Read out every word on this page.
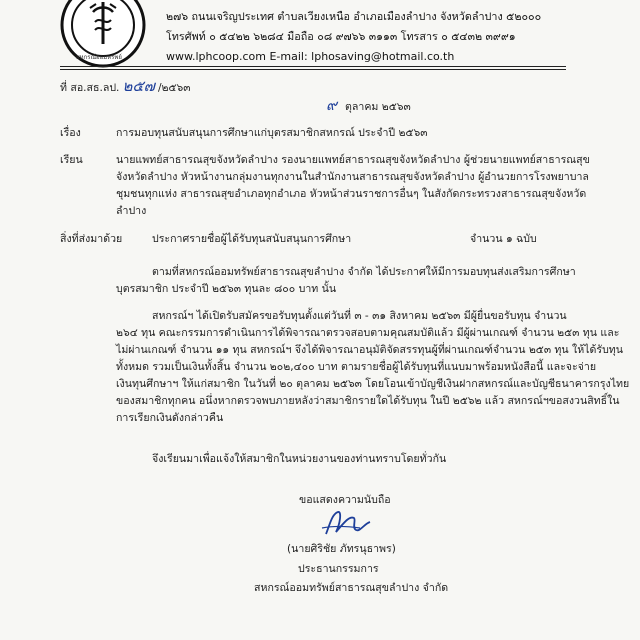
สหกรณ์ออมทรัพย์
๒๗๖ ถนนเจริญประเทศ ตำบลเวียงเหนือ อำเภอเมืองลำปาง จังหวัดลำปาง ๕๒๐๐๐
โทรศัพท์ ๐ ๕๔๒๒ ๖๒๘๔ มือถือ ๐๘ ๙๗๖๖ ๓๑๑๓ โทรสาร ๐ ๕๔๓๒ ๓๙๙๑
www.lphcoop.com E-mail: lphosaving@hotmail.co.th
ที่ สอ.สธ.ลป. ๒๕๗ /๒๕๖๓
๙ ตุลาคม ๒๕๖๓
เรื่อง	การมอบทุนสนับสนุนการศึกษาแก่บุตรสมาชิกสหกรณ์ ประจำปี ๒๕๖๓
เรียน	นายแพทย์สาธารณสุขจังหวัดลำปาง รองนายแพทย์สาธารณสุขจังหวัดลำปาง ผู้ช่วยนายแพทย์สาธารณสุข
จังหวัดลำปาง หัวหน้างานกลุ่มงานทุกงานในสำนักงานสาธารณสุขจังหวัดลำปาง ผู้อำนวยการโรงพยาบาล
ชุมชนทุกแห่ง สาธารณสุขอำเภอทุกอำเภอ หัวหน้าส่วนราชการอื่นๆ ในสังกัดกระทรวงสาธารณสุขจังหวัด
ลำปาง
สิ่งที่ส่งมาด้วย	ประกาศรายชื่อผู้ได้รับทุนสนับสนุนการศึกษา	จำนวน ๑ ฉบับ
ตามที่สหกรณ์ออมทรัพย์สาธารณสุขลำปาง จำกัด ได้ประกาศให้มีการมอบทุนส่งเสริมการศึกษา
บุตรสมาชิก ประจำปี ๒๕๖๓ ทุนละ ๘๐๐ บาท นั้น
สหกรณ์ฯ ได้เปิดรับสมัครขอรับทุนตั้งแต่วันที่ ๓ - ๓๑ สิงหาคม ๒๕๖๓ มีผู้ยื่นขอรับทุน จำนวน
๒๖๔ ทุน คณะกรรมการดำเนินการได้พิจารณาตรวจสอบตามคุณสมบัติแล้ว มีผู้ผ่านเกณฑ์ จำนวน ๒๕๓ ทุน และ
ไม่ผ่านเกณฑ์ จำนวน ๑๑ ทุน สหกรณ์ฯ จึงได้พิจารณาอนุมัติจัดสรรทุนผู้ที่ผ่านเกณฑ์จำนวน ๒๕๓ ทุน ให้ได้รับทุน
ทั้งหมด รวมเป็นเงินทั้งสิ้น จำนวน ๒๐๒,๔๐๐ บาท ตามรายชื่อผู้ได้รับทุนที่แนบมาพร้อมหนังสือนี้ และจะจ่าย
เงินทุนศึกษาฯ ให้แก่สมาชิก ในวันที่ ๒๐ ตุลาคม ๒๕๖๓ โดยโอนเข้าบัญชีเงินฝากสหกรณ์และบัญชีธนาคารกรุงไทย
ของสมาชิกทุกคน อนึ่งหากตรวจพบภายหลังว่าสมาชิกรายใดได้รับทุน ในปี ๒๕๖๒ แล้ว สหกรณ์ฯขอสงวนสิทธิ์ใน
การเรียกเงินดังกล่าวคืน
จึงเรียนมาเพื่อแจ้งให้สมาชิกในหน่วยงานของท่านทราบโดยทั่วกัน
ขอแสดงความนับถือ
(นายศิริชัย ภัทรนุธาพร)
ประธานกรรมการ
สหกรณ์ออมทรัพย์สาธารณสุขลำปาง จำกัด
